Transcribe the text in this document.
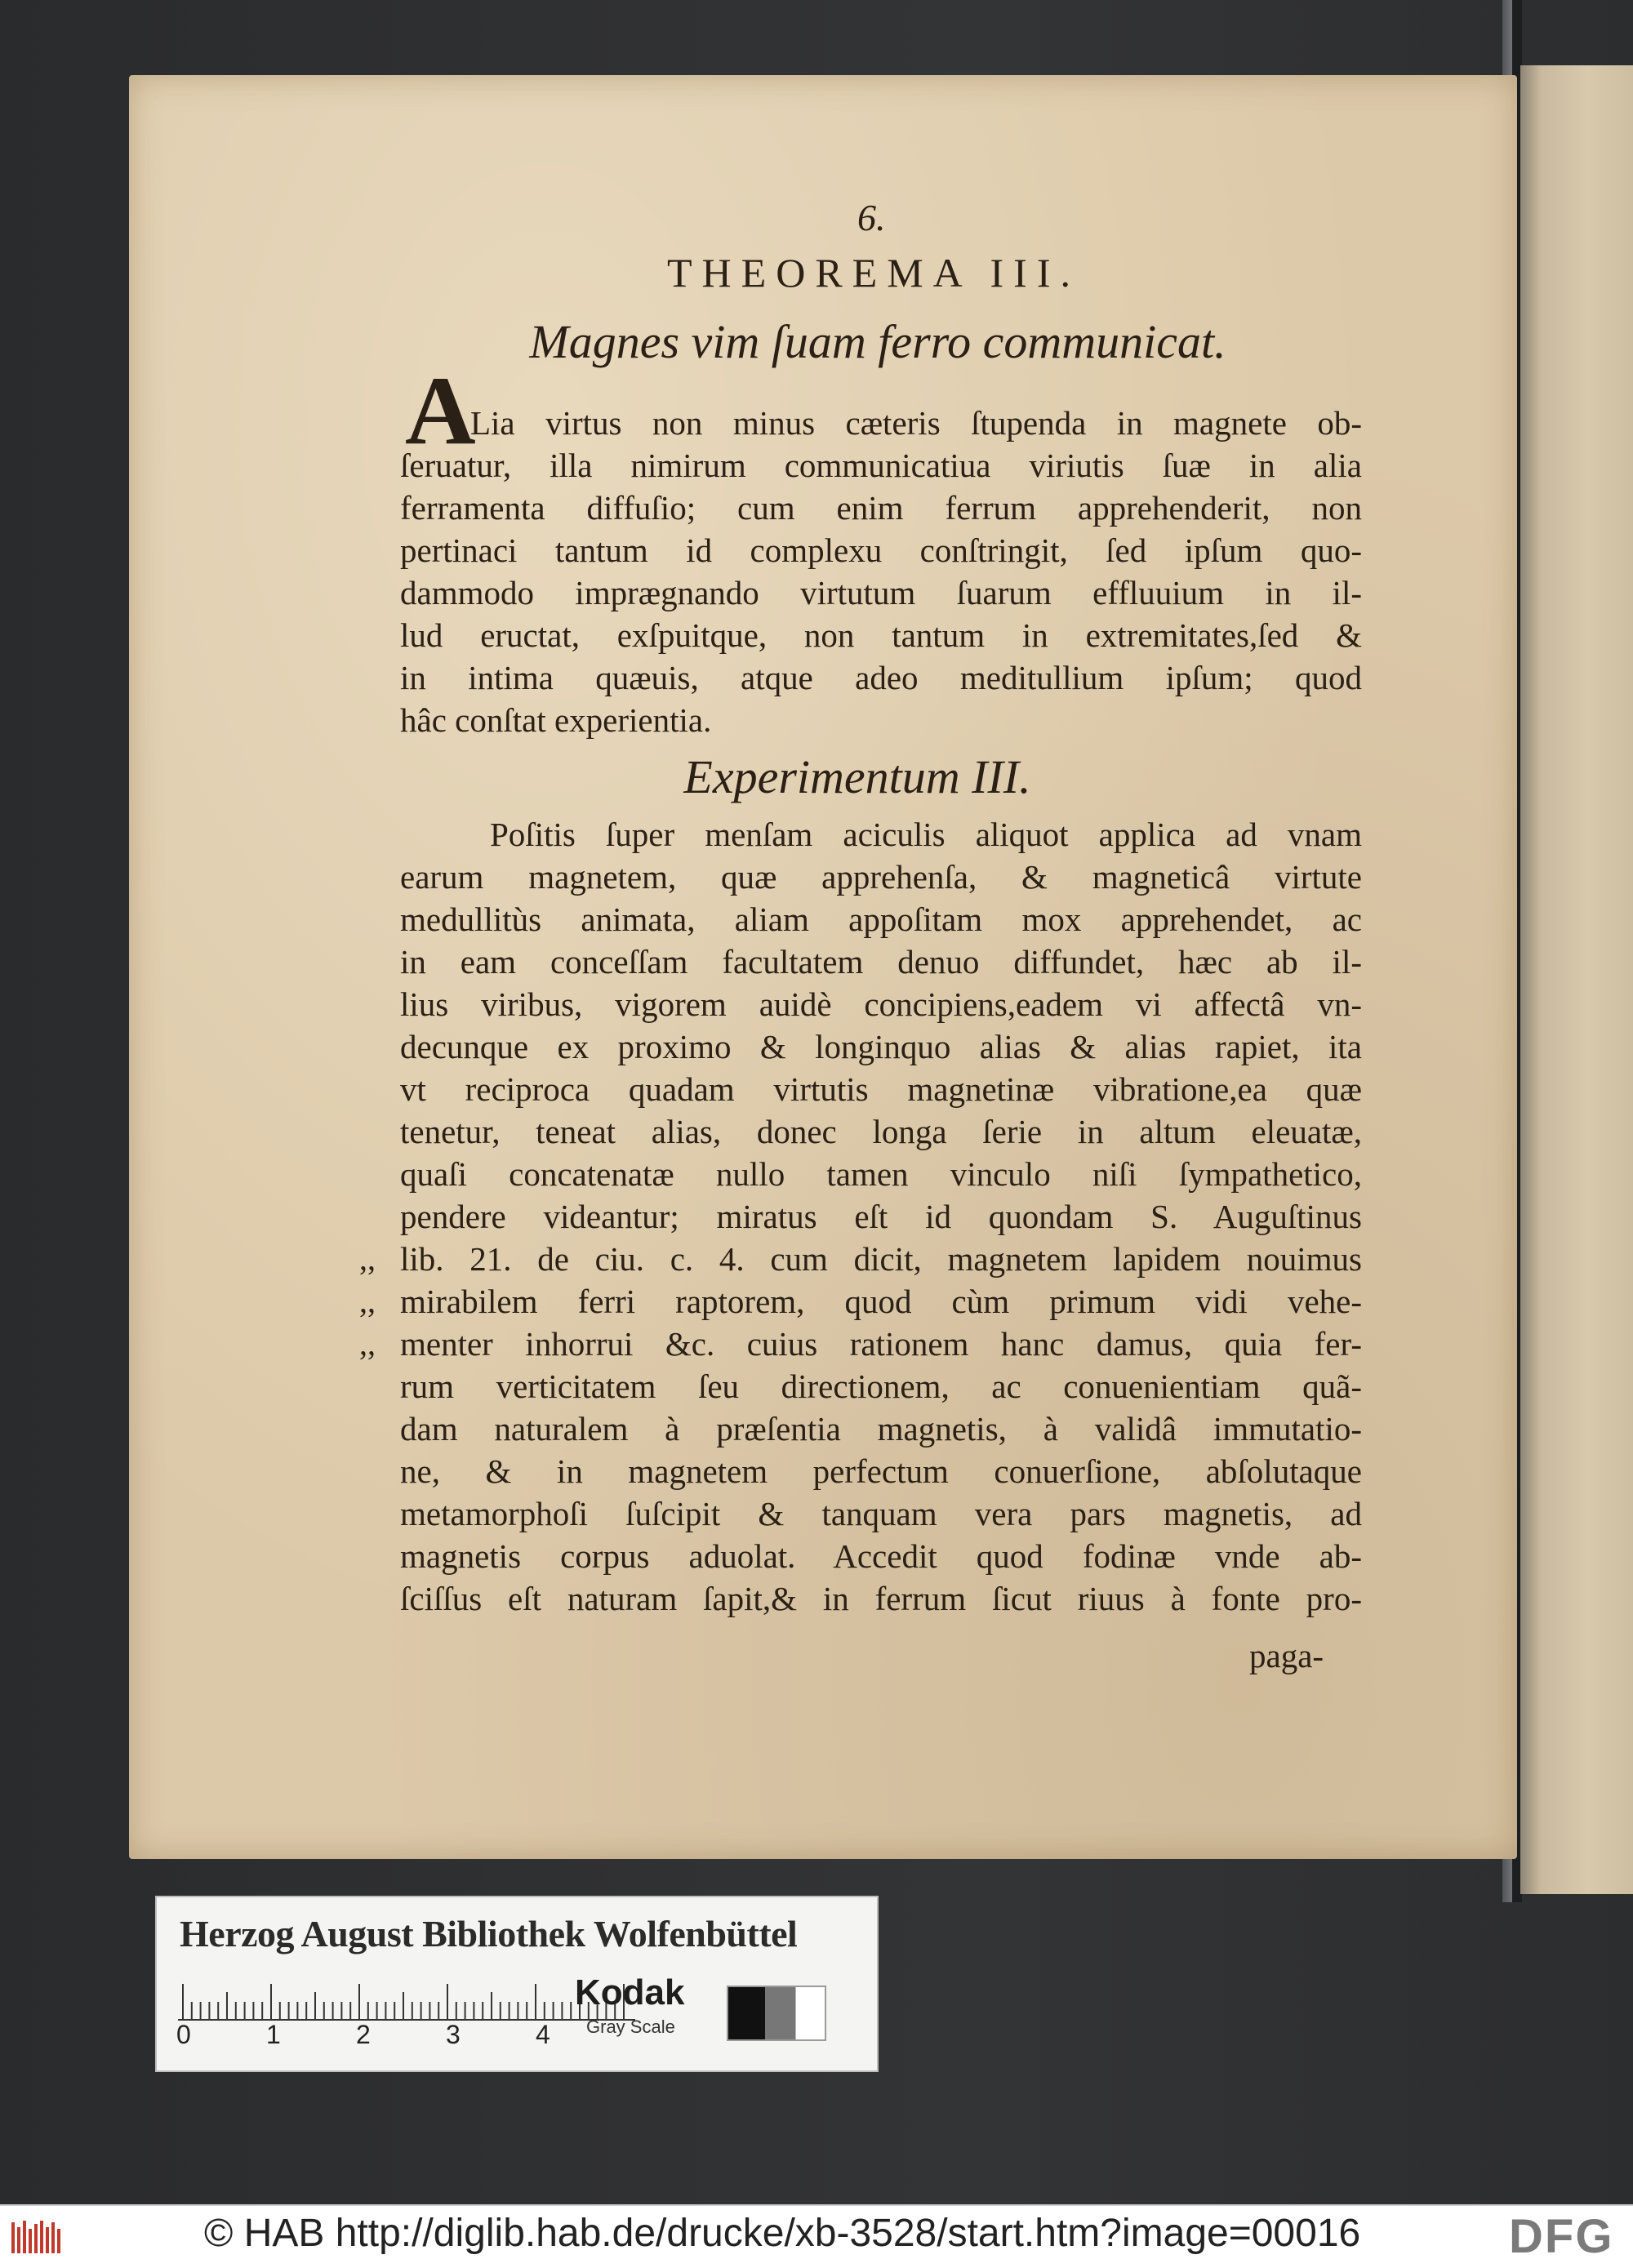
6.
THEOREMA III.
Magnes vim ſuam ferro communicat.
A
Lia virtus non minus cæteris ſtupenda in magnete ob-
ſeruatur, illa nimirum communicatiua viriutis ſuæ in alia
ferramenta diffuſio; cum enim ferrum apprehenderit, non
pertinaci tantum id complexu conſtringit, ſed ipſum quo-
dammodo imprægnando virtutum ſuarum effluuium in il-
lud eructat, exſpuitque, non tantum in extremitates,ſed &
in intima quæuis, atque adeo meditullium ipſum; quod
hâc conſtat experientia.
Experimentum III.
Poſitis ſuper menſam aciculis aliquot applica ad vnam
earum magnetem, quæ apprehenſa, & magneticâ virtute
medullitùs animata, aliam appoſitam mox apprehendet, ac
in eam conceſſam facultatem denuo diffundet, hæc ab il-
lius viribus, vigorem auidè concipiens,eadem vi affectâ vn-
decunque ex proximo & longinquo alias & alias rapiet, ita
vt reciproca quadam virtutis magnetinæ vibratione,ea quæ
tenetur, teneat alias, donec longa ſerie in altum eleuatæ,
quaſi concatenatæ nullo tamen vinculo niſi ſympathetico,
pendere videantur; miratus eſt id quondam S. Auguſtinus
lib. 21. de ciu. c. 4. cum dicit, magnetem lapidem nouimus
mirabilem ferri raptorem, quod cùm primum vidi vehe-
menter inhorrui &c. cuius rationem hanc damus, quia fer-
rum verticitatem ſeu directionem, ac conuenientiam quã-
dam naturalem à præſentia magnetis, à validâ immutatio-
ne, & in magnetem perfectum conuerſione, abſolutaque
metamorphoſi ſuſcipit & tanquam vera pars magnetis, ad
magnetis corpus aduolat. Accedit quod fodinæ vnde ab-
ſciſſus eſt naturam ſapit,& in ferrum ſicut riuus à fonte pro-
,,
,,
,,
paga-
Herzog August Bibliothek Wolfenbüttel
0	1	2	3	4
Kodak
Gray Scale
© HAB http://diglib.hab.de/drucke/xb-3528/start.htm?image=00016	DFG
